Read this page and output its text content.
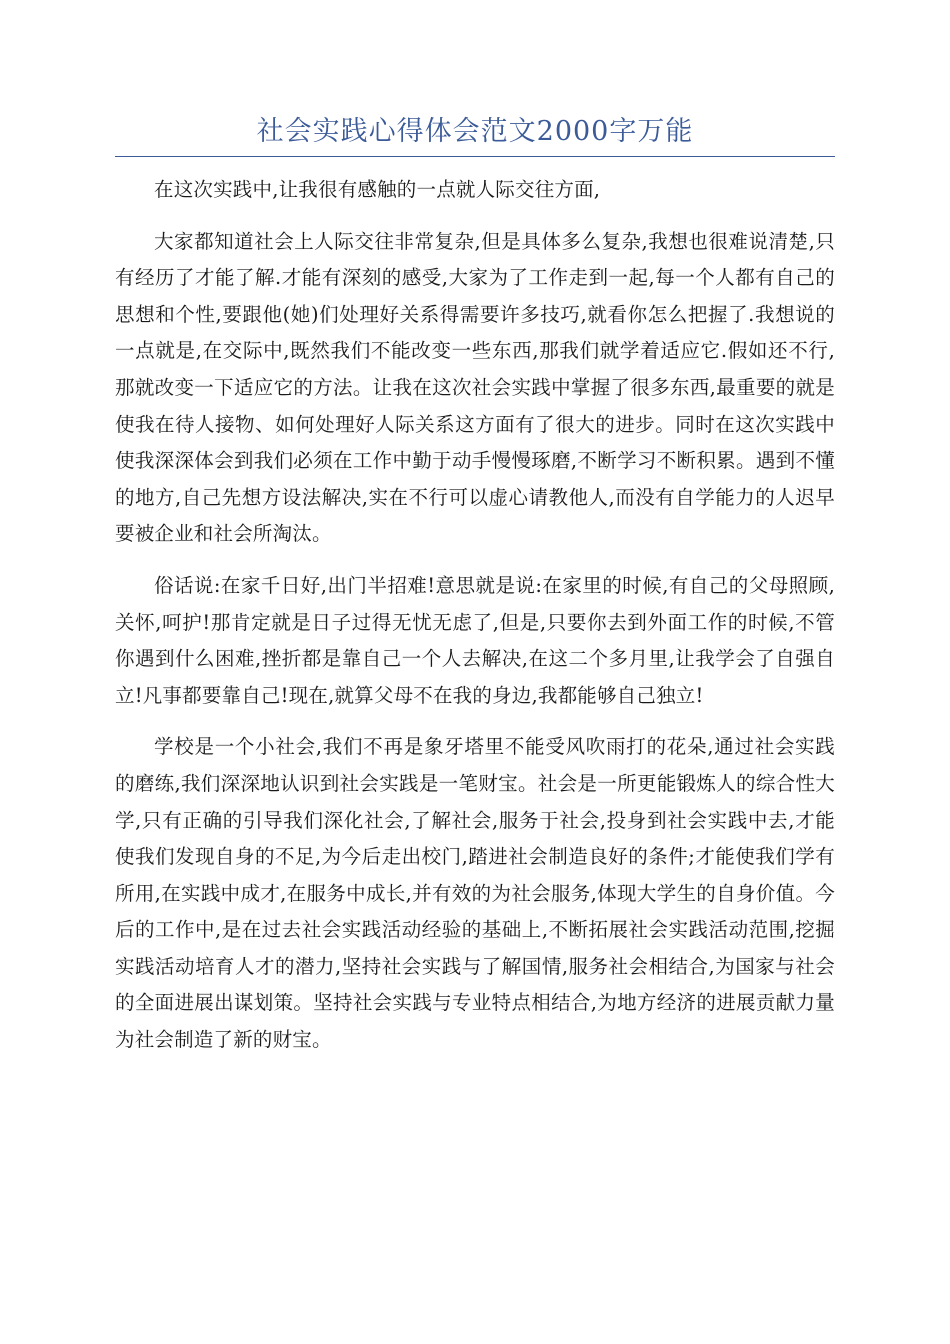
社会实践心得体会范文2000字万能

在这次实践中,让我很有感触的一点就人际交往方面,

大家都知道社会上人际交往非常复杂,但是具体多么复杂,我想也很难说清楚,只有经历了才能了解.才能有深刻的感受,大家为了工作走到一起,每一个人都有自己的思想和个性,要跟他(她)们处理好关系得需要许多技巧,就看你怎么把握了.我想说的一点就是,在交际中,既然我们不能改变一些东西,那我们就学着适应它.假如还不行,那就改变一下适应它的方法。让我在这次社会实践中掌握了很多东西,最重要的就是使我在待人接物、如何处理好人际关系这方面有了很大的进步。同时在这次实践中使我深深体会到我们必须在工作中勤于动手慢慢琢磨,不断学习不断积累。遇到不懂的地方,自己先想方设法解决,实在不行可以虚心请教他人,而没有自学能力的人迟早要被企业和社会所淘汰。

俗话说:在家千日好,出门半招难!意思就是说:在家里的时候,有自己的父母照顾,关怀,呵护!那肯定就是日子过得无忧无虑了,但是,只要你去到外面工作的时候,不管你遇到什么困难,挫折都是靠自己一个人去解决,在这二个多月里,让我学会了自强自立!凡事都要靠自己!现在,就算父母不在我的身边,我都能够自己独立!

学校是一个小社会,我们不再是象牙塔里不能受风吹雨打的花朵,通过社会实践的磨练,我们深深地认识到社会实践是一笔财宝。社会是一所更能锻炼人的综合性大学,只有正确的引导我们深化社会,了解社会,服务于社会,投身到社会实践中去,才能使我们发现自身的不足,为今后走出校门,踏进社会制造良好的条件;才能使我们学有所用,在实践中成才,在服务中成长,并有效的为社会服务,体现大学生的自身价值。今后的工作中,是在过去社会实践活动经验的基础上,不断拓展社会实践活动范围,挖掘实践活动培育人才的潜力,坚持社会实践与了解国情,服务社会相结合,为国家与社会的全面进展出谋划策。坚持社会实践与专业特点相结合,为地方经济的进展贡献力量为社会制造了新的财宝。
